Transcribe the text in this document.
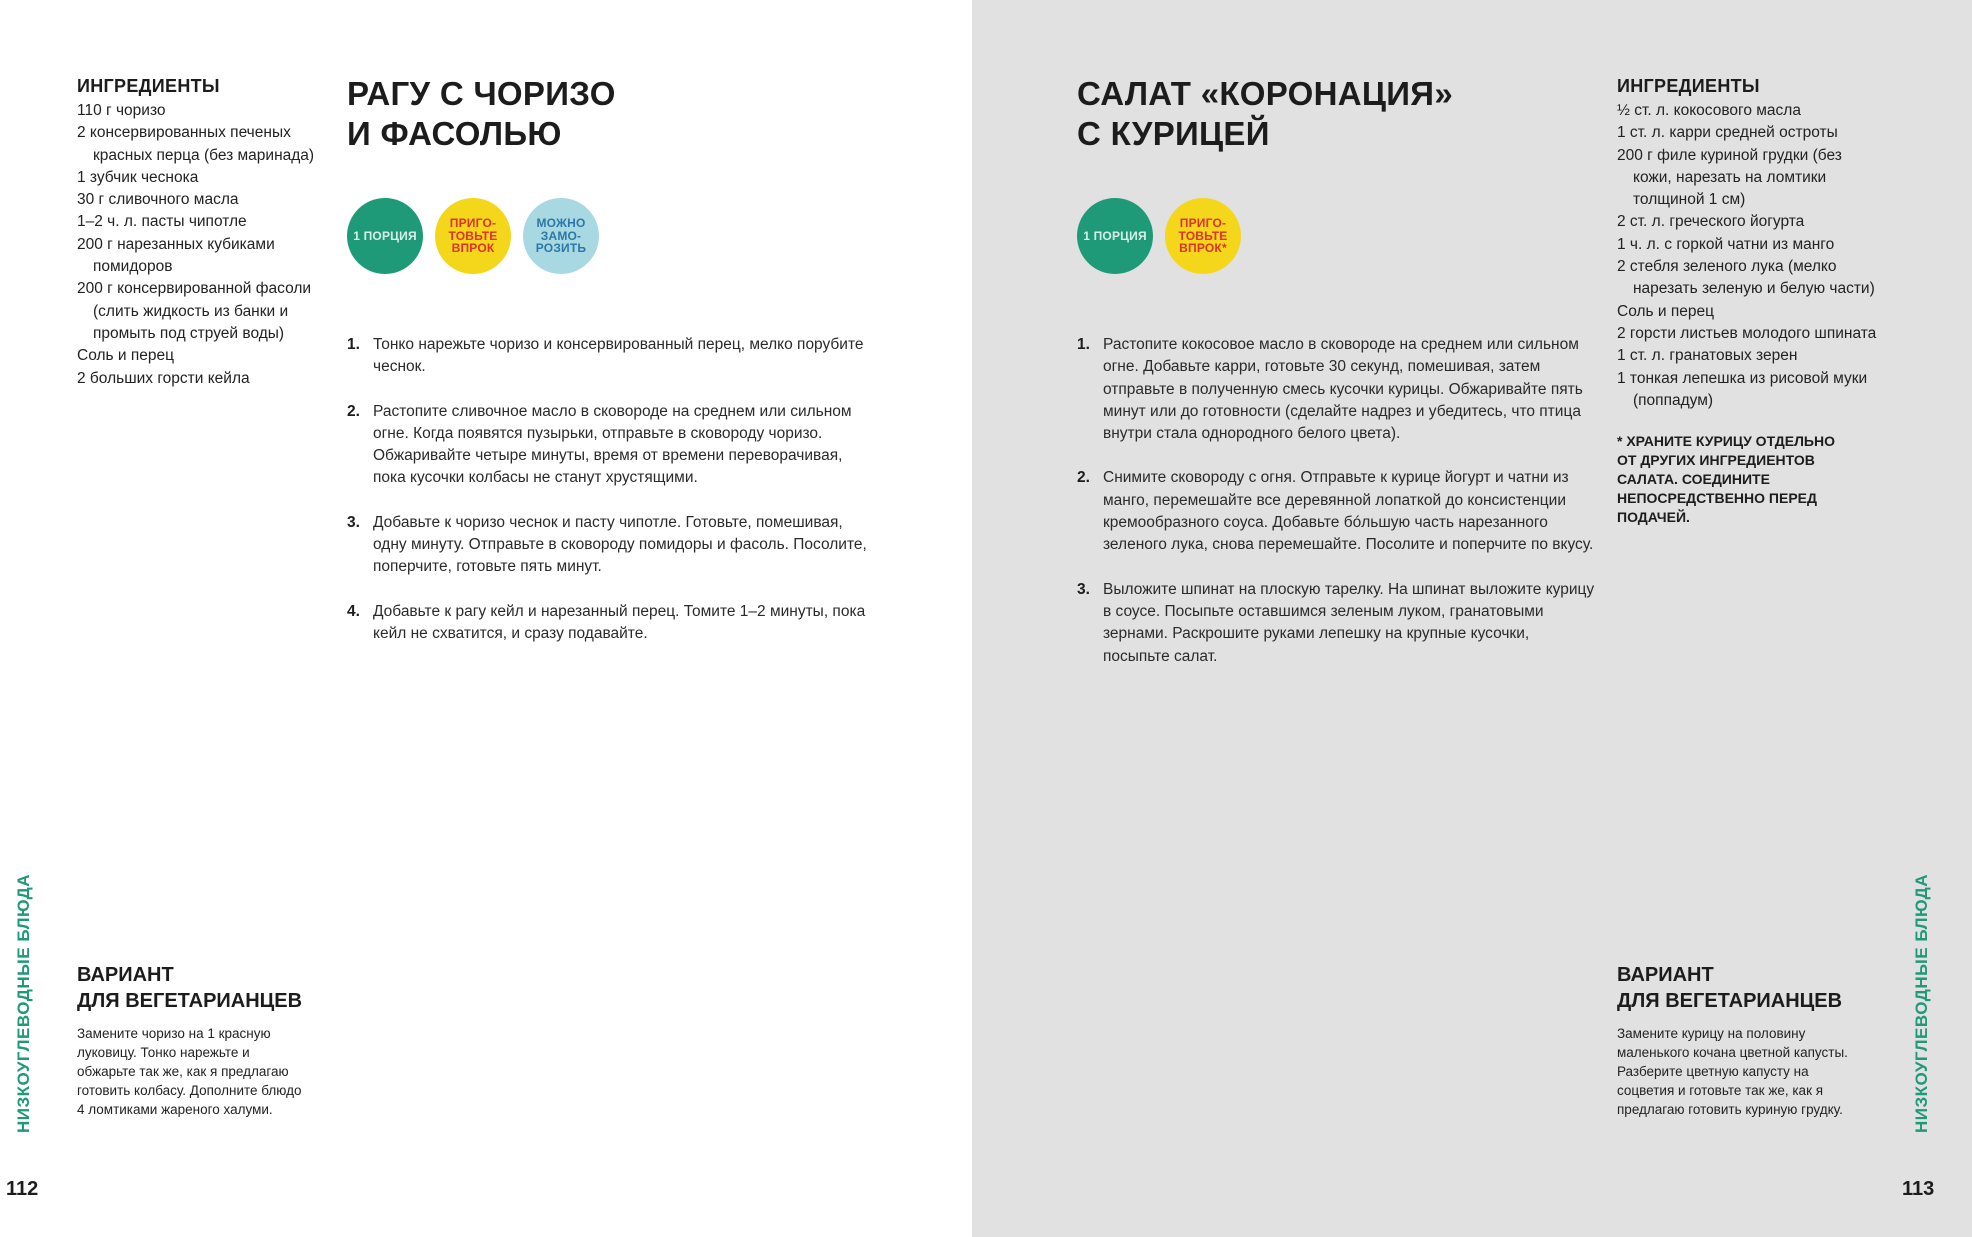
ИНГРЕДИЕНТЫ
110 г чоризо
2 консервированных печеных красных перца (без маринада)
1 зубчик чеснока
30 г сливочного масла
1–2 ч. л. пасты чипотле
200 г нарезанных кубиками помидоров
200 г консервированной фасоли (слить жидкость из банки и промыть под струей воды)
Соль и перец
2 больших горсти кейла
РАГУ С ЧОРИЗО
И ФАСОЛЬЮ
1 ПОРЦИЯ
ПРИГО-ТОВЬТЕ ВПРОК
МОЖНО ЗАМО-РОЗИТЬ
1. Тонко нарежьте чоризо и консервированный перец, мелко порубите чеснок.
2. Растопите сливочное масло в сковороде на среднем или сильном огне. Когда появятся пузырьки, отправьте в сковороду чоризо. Обжаривайте четыре минуты, время от времени переворачивая, пока кусочки колбасы не станут хрустящими.
3. Добавьте к чоризо чеснок и пасту чипотле. Готовьте, помешивая, одну минуту. Отправьте в сковороду помидоры и фасоль. Посолите, поперчите, готовьте пять минут.
4. Добавьте к рагу кейл и нарезанный перец. Томите 1–2 минуты, пока кейл не схватится, и сразу подавайте.
ВАРИАНТ
ДЛЯ ВЕГЕТАРИАНЦЕВ
Замените чоризо на 1 красную луковицу. Тонко нарежьте и обжарьте так же, как я предлагаю готовить колбасу. Дополните блюдо 4 ломтиками жареного халуми.
НИЗКОУГЛЕВОДНЫЕ БЛЮДА
112
САЛАТ «КОРОНАЦИЯ»
С КУРИЦЕЙ
1 ПОРЦИЯ
ПРИГО-ТОВЬТЕ ВПРОК*
1. Растопите кокосовое масло в сковороде на среднем или сильном огне. Добавьте карри, готовьте 30 секунд, помешивая, затем отправьте в полученную смесь кусочки курицы. Обжаривайте пять минут или до готовности (сделайте надрез и убедитесь, что птица внутри стала однородного белого цвета).
2. Снимите сковороду с огня. Отправьте к курице йогурт и чатни из манго, перемешайте все деревянной лопаткой до консистенции кремообразного соуса. Добавьте бóльшую часть нарезанного зеленого лука, снова перемешайте. Посолите и поперчите по вкусу.
3. Выложите шпинат на плоскую тарелку. На шпинат выложите курицу в соусе. Посыпьте оставшимся зеленым луком, гранатовыми зернами. Раскрошите руками лепешку на крупные кусочки, посыпьте салат.
ИНГРЕДИЕНТЫ
½ ст. л. кокосового масла
1 ст. л. карри средней остроты
200 г филе куриной грудки (без кожи, нарезать на ломтики толщиной 1 см)
2 ст. л. греческого йогурта
1 ч. л. с горкой чатни из манго
2 стебля зеленого лука (мелко нарезать зеленую и белую части)
Соль и перец
2 горсти листьев молодого шпината
1 ст. л. гранатовых зерен
1 тонкая лепешка из рисовой муки (поппадум)
* ХРАНИТЕ КУРИЦУ ОТДЕЛЬНО ОТ ДРУГИХ ИНГРЕДИЕНТОВ САЛАТА. СОЕДИНИТЕ НЕПОСРЕДСТВЕННО ПЕРЕД ПОДАЧЕЙ.
ВАРИАНТ
ДЛЯ ВЕГЕТАРИАНЦЕВ
Замените курицу на половину маленького кочана цветной капусты. Разберите цветную капусту на соцветия и готовьте так же, как я предлагаю готовить куриную грудку.	НИЗКОУГЛЕВОДНЫЕ БЛЮДА
113
